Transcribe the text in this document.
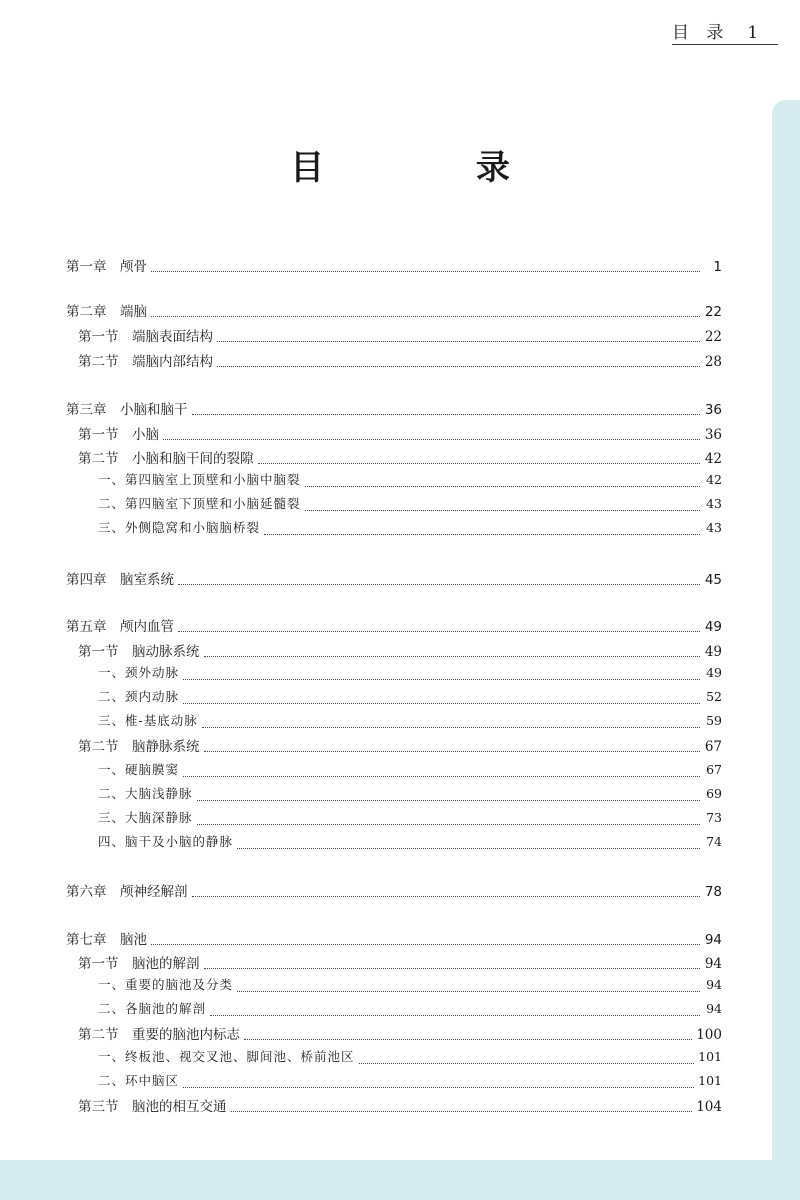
目 录 1
目 录
第一章　颅骨	1
第二章　端脑	22
第一节　端脑表面结构	22
第二节　端脑内部结构	28
第三章　小脑和脑干	36
第一节　小脑	36
第二节　小脑和脑干间的裂隙	42
一、第四脑室上顶壁和小脑中脑裂	42
二、第四脑室下顶壁和小脑延髓裂	43
三、外侧隐窝和小脑脑桥裂	43
第四章　脑室系统	45
第五章　颅内血管	49
第一节　脑动脉系统	49
一、颈外动脉	49
二、颈内动脉	52
三、椎-基底动脉	59
第二节　脑静脉系统	67
一、硬脑膜窦	67
二、大脑浅静脉	69
三、大脑深静脉	73
四、脑干及小脑的静脉	74
第六章　颅神经解剖	78
第七章　脑池	94
第一节　脑池的解剖	94
一、重要的脑池及分类	94
二、各脑池的解剖	94
第二节　重要的脑池内标志	100
一、终板池、视交叉池、脚间池、桥前池区	101
二、环中脑区	101
第三节　脑池的相互交通	104
